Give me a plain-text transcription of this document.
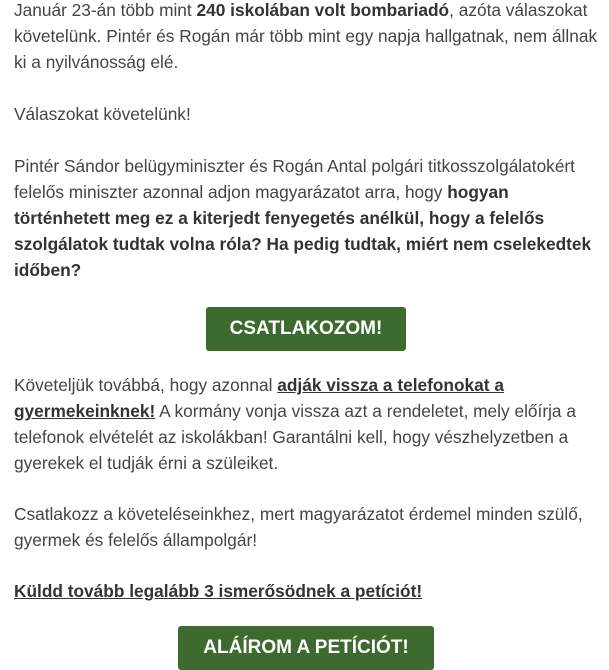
Január 23-án több mint 240 iskolában volt bombariadó, azóta válaszokat követelünk. Pintér és Rogán már több mint egy napja hallgatnak, nem állnak ki a nyilvánosság elé.

Válaszokat követelünk!

Pintér Sándor belügyminiszter és Rogán Antal polgári titkosszolgálatokért felelős miniszter azonnal adjon magyarázatot arra, hogy hogyan történhetett meg ez a kiterjedt fenyegetés anélkül, hogy a felelős szolgálatok tudtak volna róla? Ha pedig tudtak, miért nem cselekedtek időben?

CSATLAKOZOM!

Követeljük továbbá, hogy azonnal adják vissza a telefonokat a gyermekeinknek! A kormány vonja vissza azt a rendeletet, mely előírja a telefonok elvételét az iskolákban! Garantálni kell, hogy vészhelyzetben a gyerekek el tudják érni a szüleiket.

Csatlakozz a követeléseinkhez, mert magyarázatot érdemel minden szülő, gyermek és felelős állampolgár!

Küldd tovább legalább 3 ismerősödnek a petíciót!

ALÁÍROM A PETÍCIÓT!
